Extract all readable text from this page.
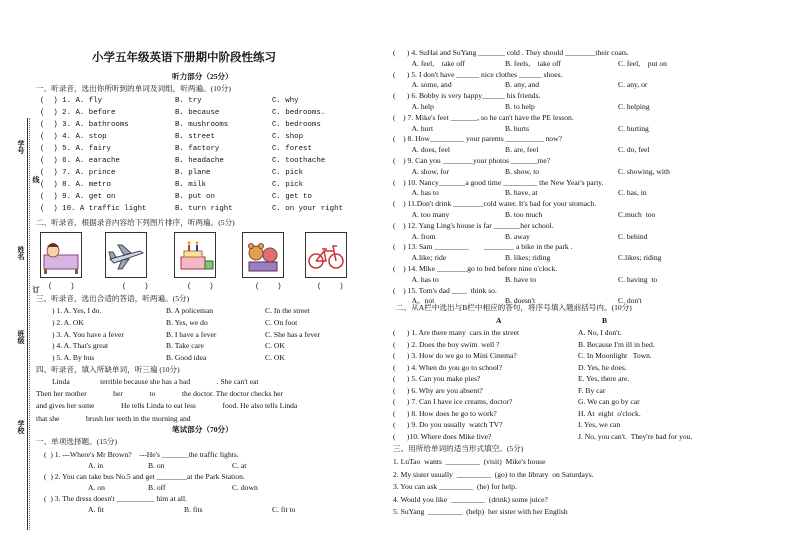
学号
线
姓名
订
班级
学校
小学五年级英语下册期中阶段性练习
听力部分（25分）
一、听录音，选出你所听到的单词及词组，听两遍。(10分)
(  ) 1. A. fly	B. try	C. why
(  ) 2. A. before	B. because	C. bedrooms.
(  ) 3. A. bathrooms	B. mushrooms	C. bedrooms
(  ) 4. A. stop	B. street	C. shop
(  ) 5. A. fairy	B. factory	C. forest
(  ) 6. A. earache	B. headache	C. toothache
(  ) 7. A. prince	B. plane	C. pick
(  ) 8. A. metro	B. milk	C. pick
(  ) 9. A. get on	B. put on	C. get to
(  ) 10. A traffic light	B. turn right	C. on your right
二、听录音，根据录音内容给下列图片排序，听两遍。(5分)
(    )	(    )	(    )	(    )	(    )
三、听录音，选出合适的答语，听两遍。(5分)
) 1. A. Yes, I do.	B. A policeman	C. In the street
) 2. A. OK	B. Yes, we do	C. On foot
) 3. A. You have a fever	B. I have a fever	C. She has a fever
) 4. A. That's great	B. Take care	C. OK
) 5. A. By bus	B. Good idea	C. OK
四、听录音，填入所缺单词，听三遍 (10分)
Linda                terrible because she has a bad              . She can't eat
Then her mother              her              to              the doctor. The doctor checks her
and gives her some              He tells Linda to eat less              food. He also tells Linda
that she              brush her teeth in the morning and
笔试部分（70分）
一、单项选择题。(15分)
(  ) 1. ---Where's Mr Brown?    ---He's _______the traffic lights.
A. in	B. on	C. at
(  ) 2. You can take bus No.5 and get ________at the Park Station.
A. on	B. off	C. down
(  ) 3. The dress doesn't __________ him at all.
A. fit	B. fits	C. fit to
(      ) 4. SuHai and SuYang _______ cold . They should ________their coats.
A. feel,    take off	B. feels,    take off	C. feel,    put on
(      ) 5. I don't have ______ nice clothes ______ shoes.
A. some, and	B. any, and	C. any, or
(      ) 6. Bobby is very happy______ his friends.
A. help	B. to help	C. helping
(    ) 7. Mike's feet _______, so he can't have the PE lesson.
A. hurt	B. hurts	C. hurting
(    ) 8. How_________ your parents __________ now?
A. does, feel	B. are, feel	C. do, feel
(    ) 9. Can you ________your photos _______me?
A. show, for	B. show, to	C. showing, with
(    ) 10. Nancy_______a good time _________ the New Year's party.
A. has to	B. have, at	C. has, in
(    ) 11.Don't drink ________cold water. It's bad for your stomach.
A. too many	B. too much	C.much  too
(    ) 12. Yang Ling's house is far _______her school.
A. from	B. away	C. behind
(    ) 13. Sam _________        ________ a bike in the park .
A.like; ride	B. likes; riding	C.likes; riding
(    ) 14. Mike ________go to bed before nine o'clock.
A. has to	B. have to	C. having  to
(    ) 15. Tom's dad ____  think so.
A。not	B. doesn't	C. don't
二、从A栏中选出与B栏中相应的答句，将序号填入题前括号内。(10分)
A	B
(      ) 1. Are there many  cars in the street	A. No, I don't.
(      ) 2. Does the boy swim  well ?	B. Because I'm ill in bed.
(      ) 3. How do we go to Mini Cinema?	C. In Moonlight   Town.
(      ) 4. When do you go to school?	D. Yes, he does.
(      ) 5. Can you make pies?	E. Yes, there are.
(      ) 6. Why are you absent?	F. By car
(      ) 7. Can I have ice creams, doctor?	G. We can go by car
(      ) 8. How does he go to work?	H. At  eight  o'clock.
(      ) 9. Do you usually  watch TV?	I. Yes, we can
(      )10. Where does Mike live?	J. No, you can't.  They're bad for you.
三、用所给单词的适当形式填空。(5分)
1. LuTao  wants  _________  (visit)  Mike's house
2. My sister usually  _________  (go) to the library  on Saturdays.
3. You can ask _________  (he) for help.
4. Would you like  _________  (drink) some juice?
5. SuYang  _________  (help)  her sister with her English
